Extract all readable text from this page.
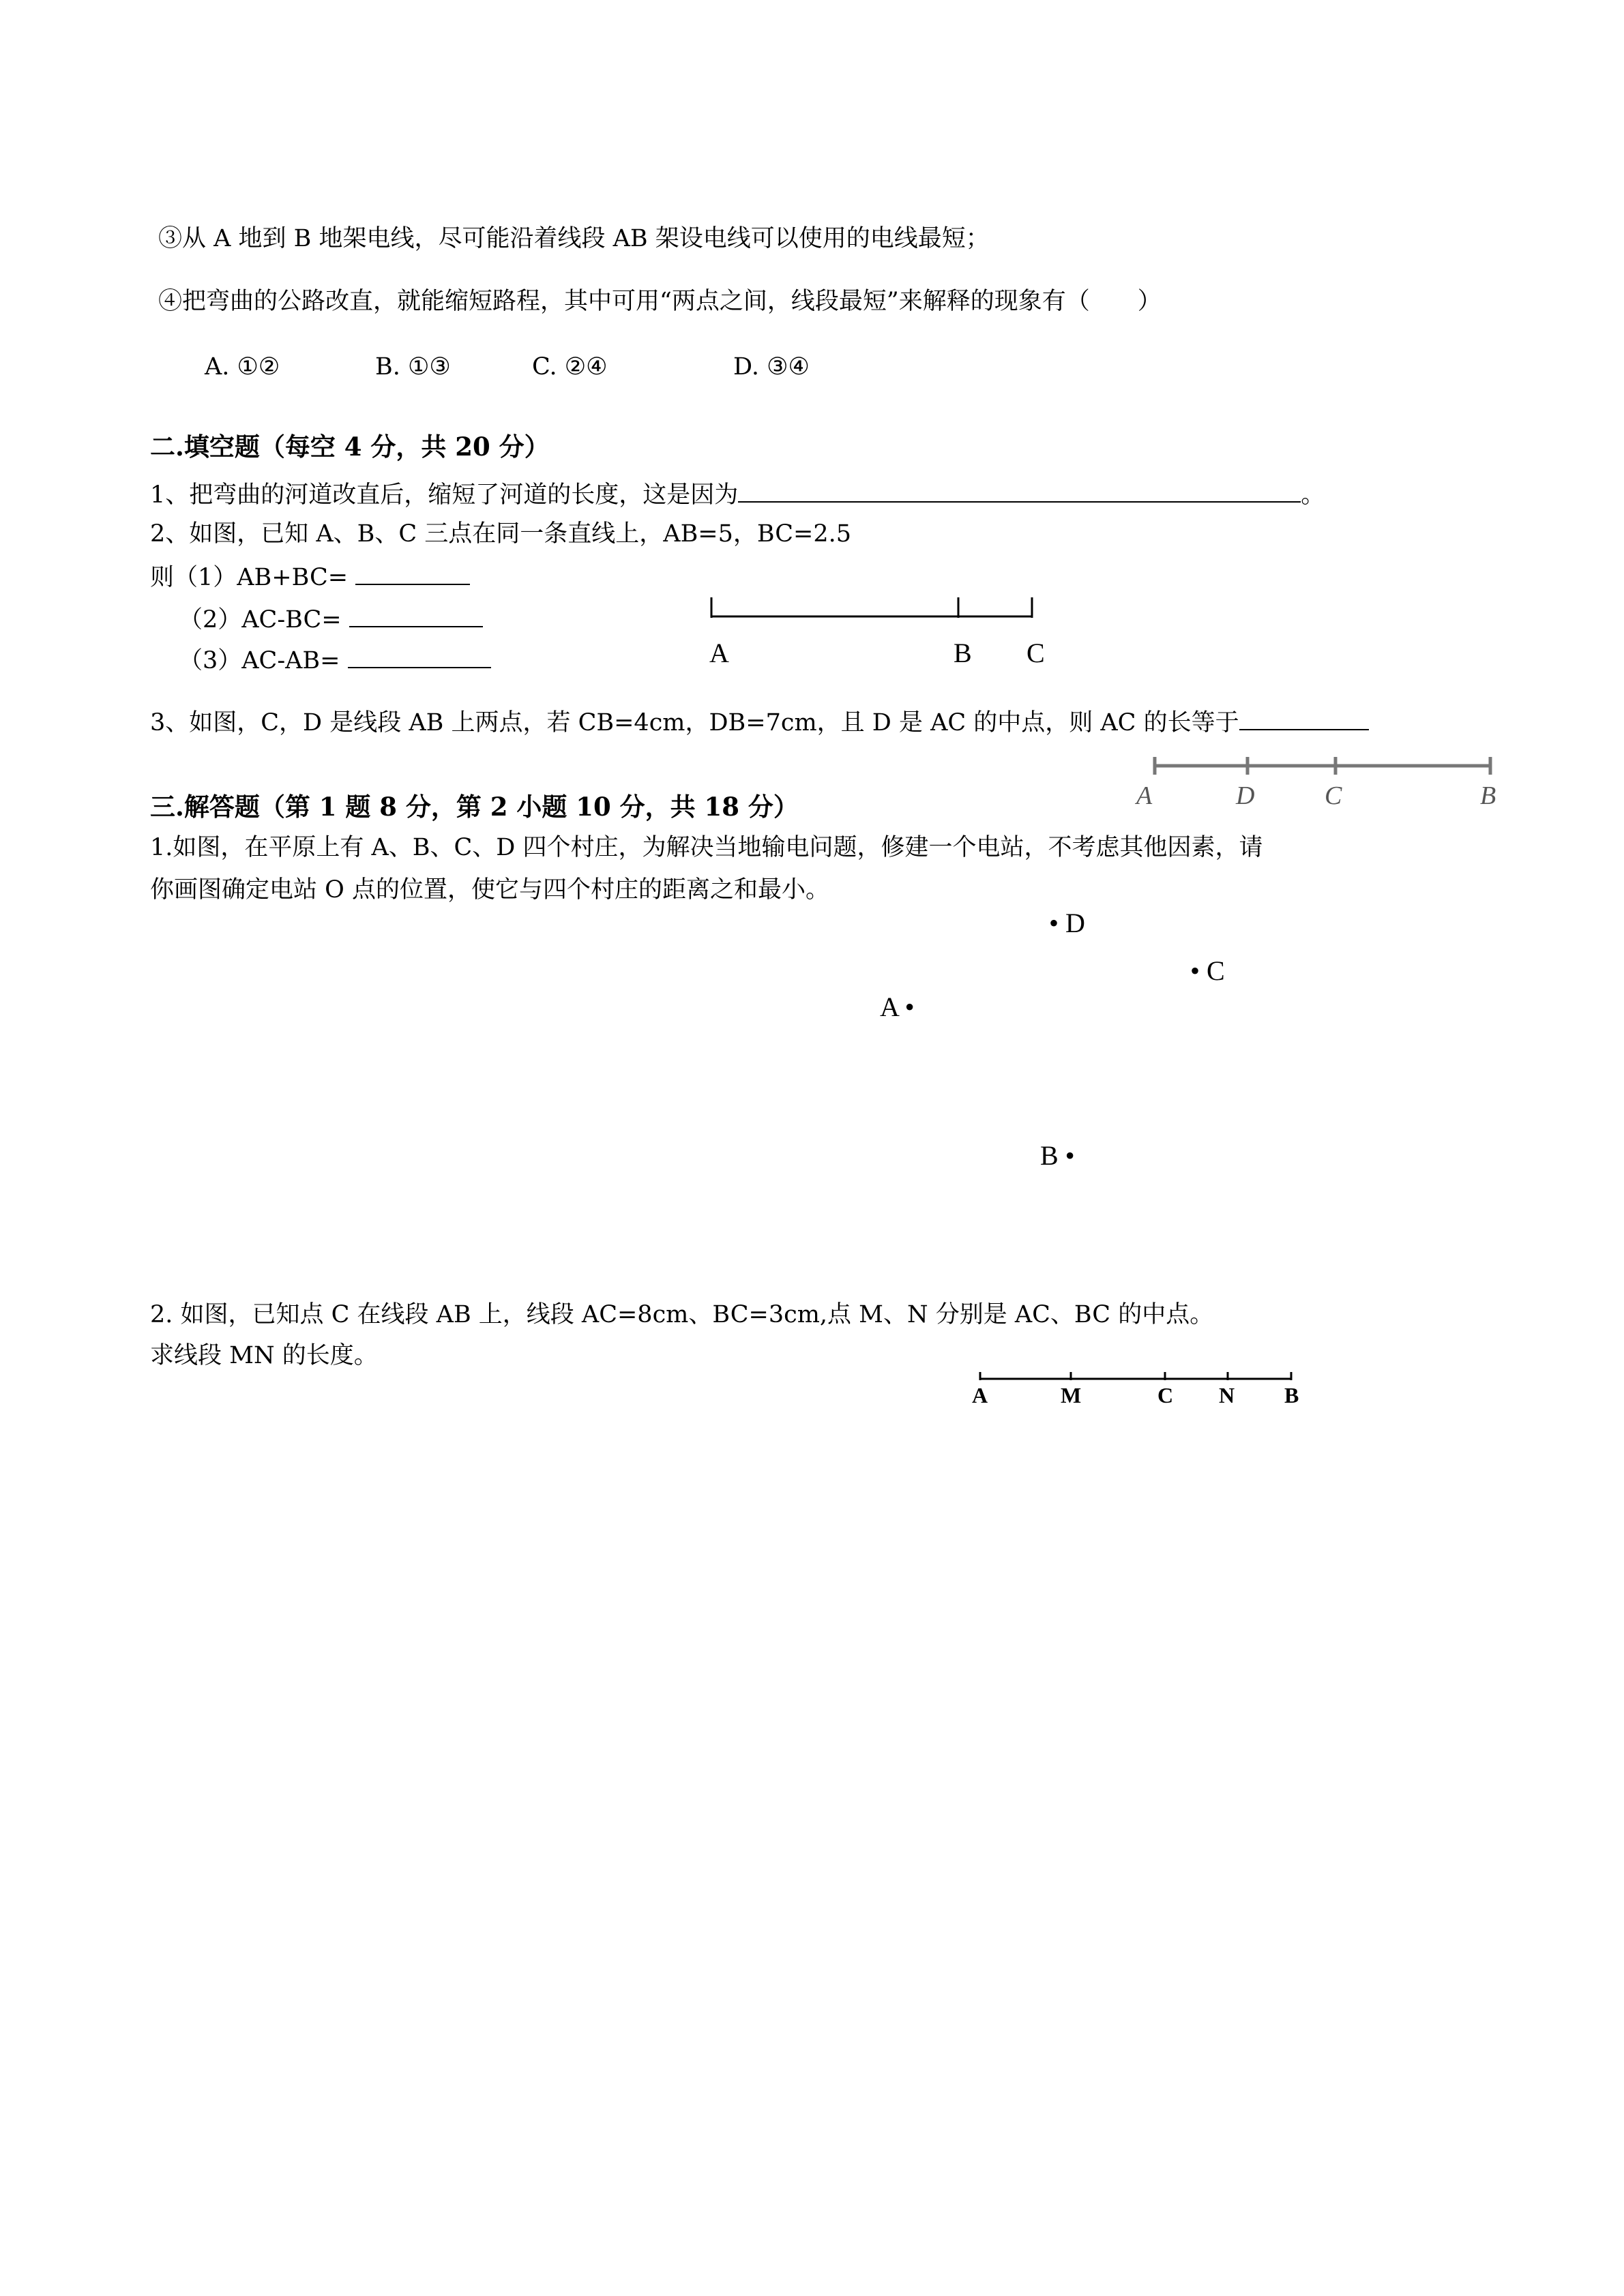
③从 A 地到 B 地架电线，尽可能沿着线段 AB 架设电线可以使用的电线最短；
④把弯曲的公路改直，就能缩短路程，其中可用“两点之间，线段最短”来解释的现象有（　　）
A. ①②	B. ①③	C. ②④	D. ③④
二.填空题（每空 4 分，共 20 分）
1、把弯曲的河道改直后，缩短了河道的长度，这是因为	。
2、如图，已知 A、B、C 三点在同一条直线上，AB=5，BC=2.5
则（1）AB+BC=
（2）AC-BC=
（3）AC-AB=	A	B C
3、如图，C，D 是线段 AB 上两点，若 CB=4cm，DB=7cm，且 D 是 AC 的中点，则 AC 的长等于
A	D	C	B
三.解答题（第 1 题 8 分，第 2 小题 10 分，共 18 分）
1.如图，在平原上有 A、B、C、D 四个村庄，为解决当地输电问题，修建一个电站，不考虑其他因素，请
你画图确定电站 O 点的位置，使它与四个村庄的距离之和最小。
• D
• C
A •
B •
2. 如图，已知点 C 在线段 AB 上，线段 AC=8cm、BC=3cm,点 M、N 分别是 AC、BC 的中点。
求线段 MN 的长度。
A	M	C N B
